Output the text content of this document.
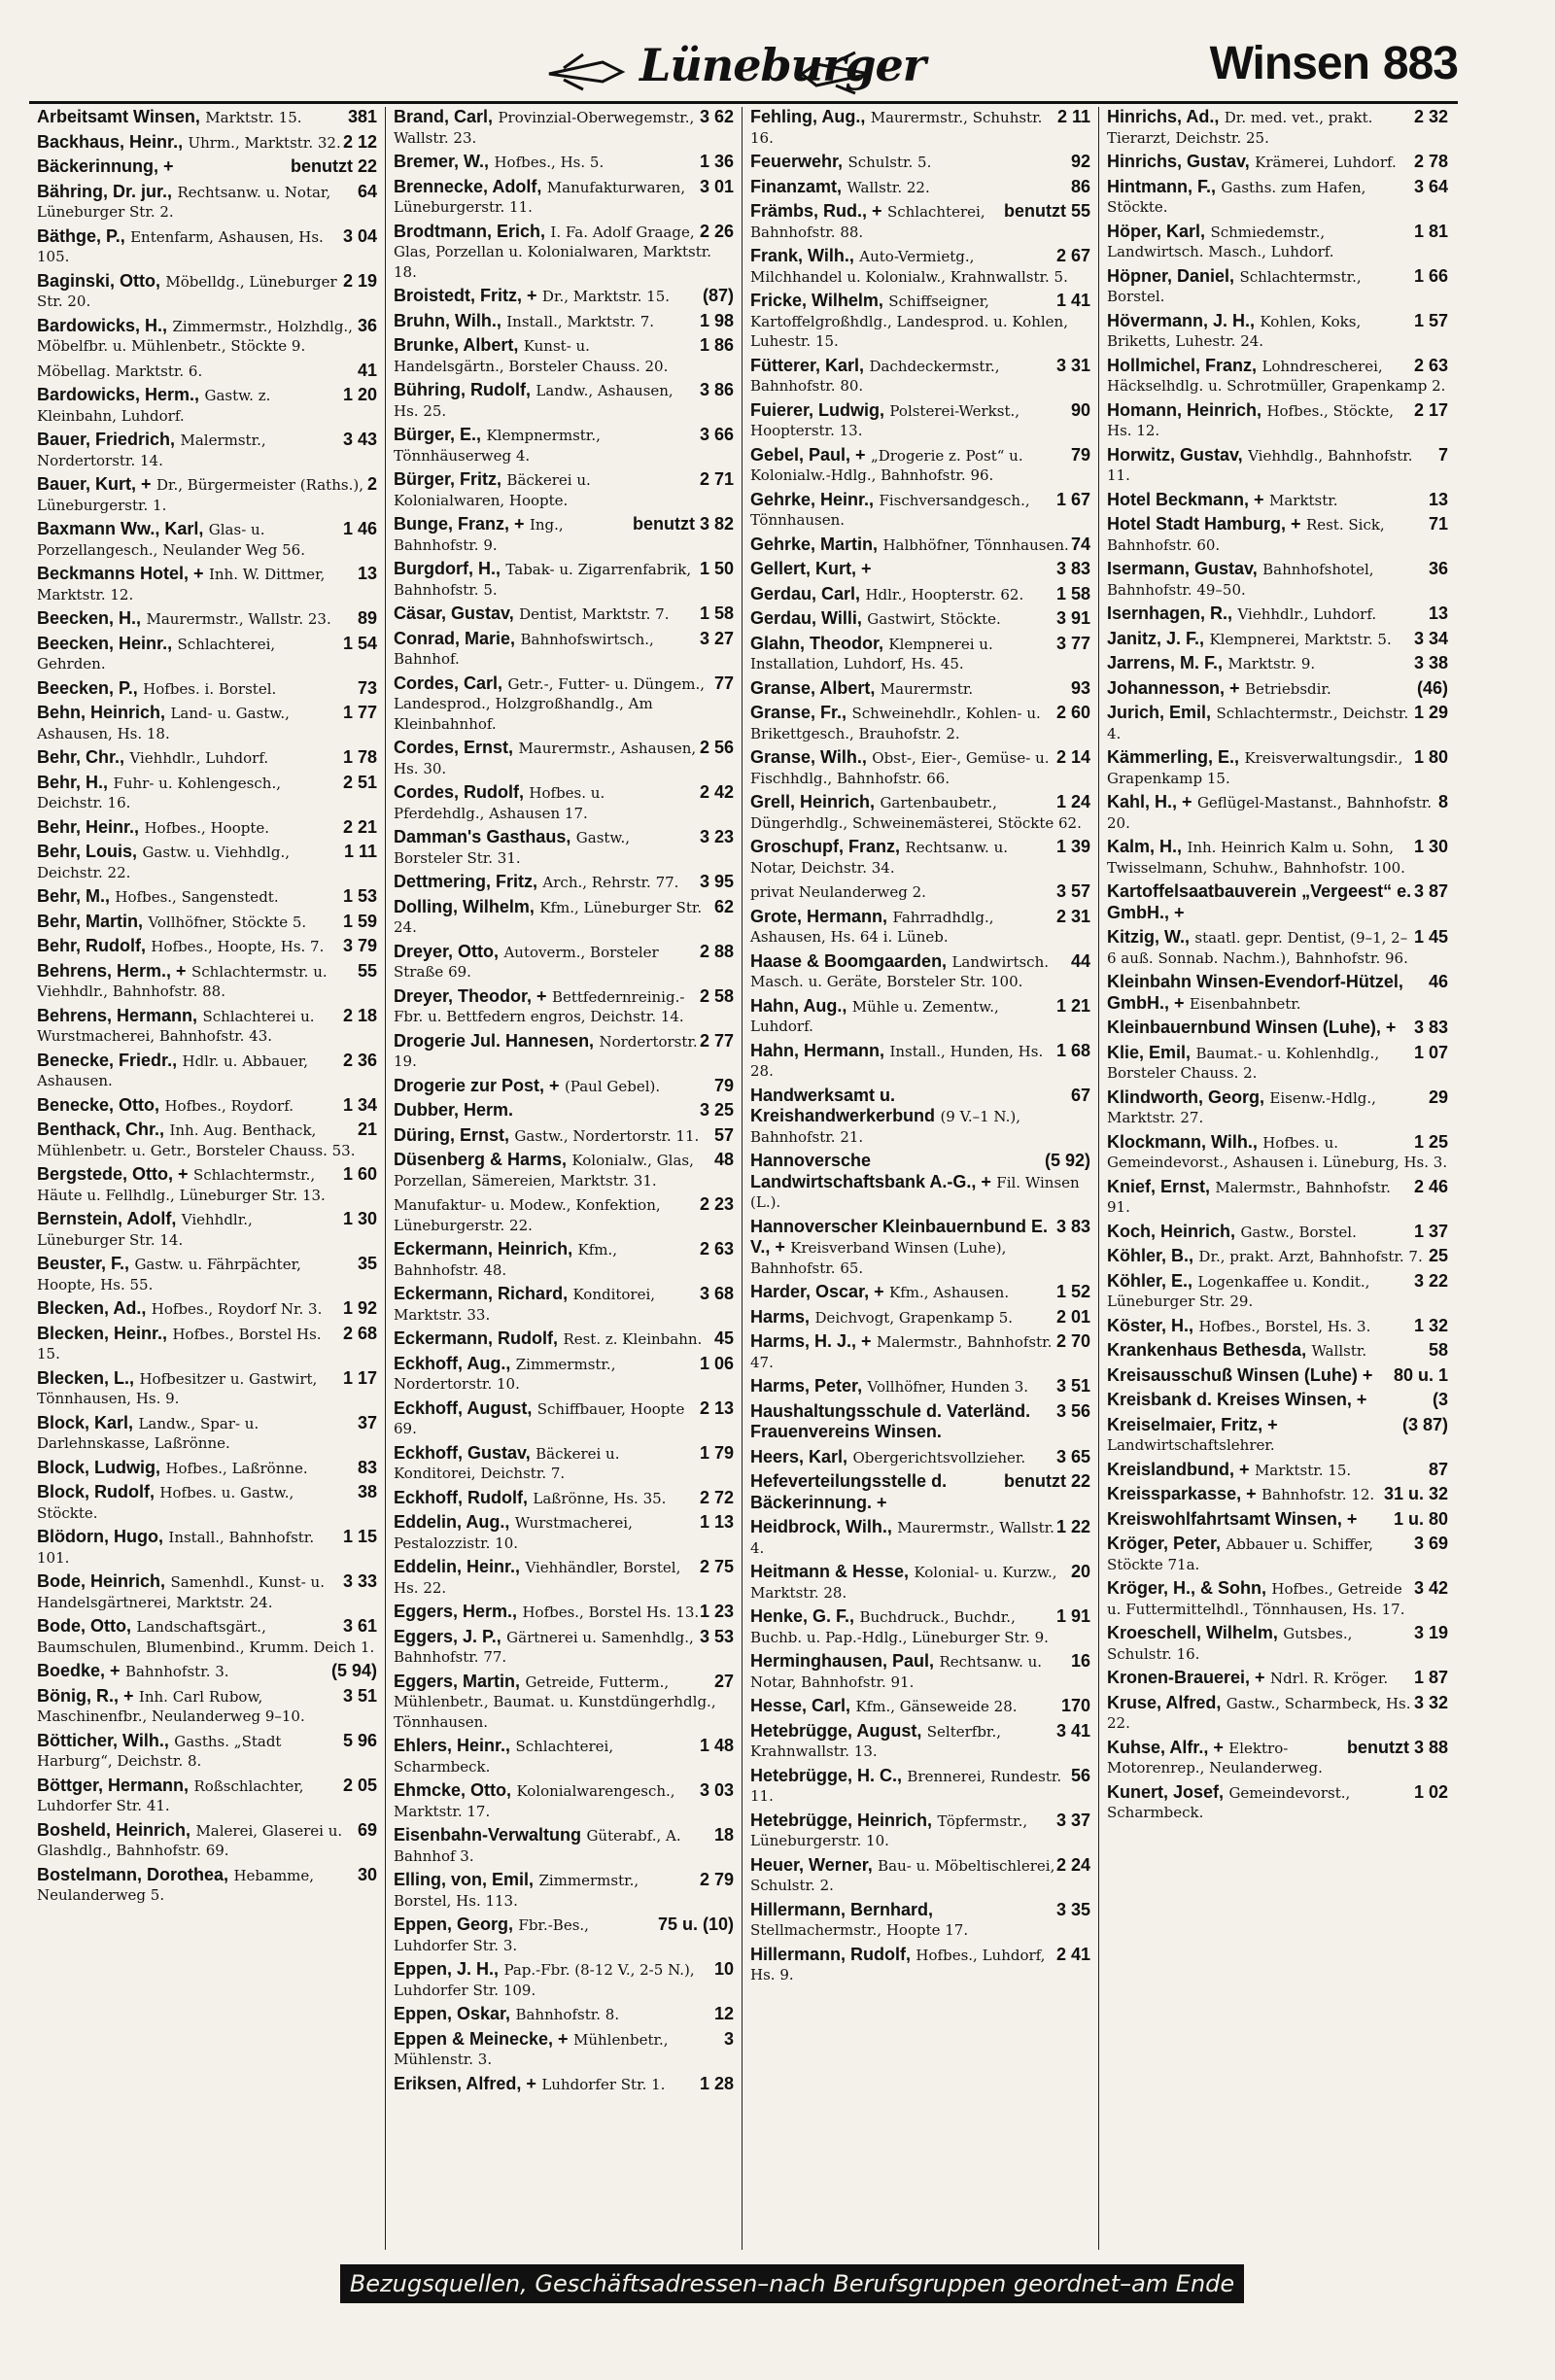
Lüneburger	Winsen 883
381
Arbeitsamt Winsen, Marktstr. 15.
2 12
Backhaus, Heinr., Uhrm., Marktstr. 32.
benutzt 22
Bäckerinnung, +
64
Bähring, Dr. jur., Rechtsanw. u. Notar, Lüneburger Str. 2.
3 04
Bäthge, P., Entenfarm, Ashausen, Hs. 105.
2 19
Baginski, Otto, Möbelldg., Lüneburger Str. 20.
36
Bardowicks, H., Zimmermstr., Holzhdlg., Möbelfbr. u. Mühlenbetr., Stöckte 9.
41
Möbellag. Marktstr. 6.
1 20
Bardowicks, Herm., Gastw. z. Kleinbahn, Luhdorf.
3 43
Bauer, Friedrich, Malermstr., Nordertorstr. 14.
2
Bauer, Kurt, + Dr., Bürgermeister (Raths.), Lüneburgerstr. 1.
1 46
Baxmann Ww., Karl, Glas- u. Porzellangesch., Neulander Weg 56.
13
Beckmanns Hotel, + Inh. W. Dittmer, Marktstr. 12.
89
Beecken, H., Maurermstr., Wallstr. 23.
1 54
Beecken, Heinr., Schlachterei, Gehrden.
73
Beecken, P., Hofbes. i. Borstel.
1 77
Behn, Heinrich, Land- u. Gastw., Ashausen, Hs. 18.
1 78
Behr, Chr., Viehhdlr., Luhdorf.
2 51
Behr, H., Fuhr- u. Kohlengesch., Deichstr. 16.
2 21
Behr, Heinr., Hofbes., Hoopte.
1 11
Behr, Louis, Gastw. u. Viehhdlg., Deichstr. 22.
1 53
Behr, M., Hofbes., Sangenstedt.
1 59
Behr, Martin, Vollhöfner, Stöckte 5.
3 79
Behr, Rudolf, Hofbes., Hoopte, Hs. 7.
55
Behrens, Herm., + Schlachtermstr. u. Viehhdlr., Bahnhofstr. 88.
2 18
Behrens, Hermann, Schlachterei u. Wurstmacherei, Bahnhofstr. 43.
2 36
Benecke, Friedr., Hdlr. u. Abbauer, Ashausen.
1 34
Benecke, Otto, Hofbes., Roydorf.
21
Benthack, Chr., Inh. Aug. Benthack, Mühlenbetr. u. Getr., Borsteler Chauss. 53.
1 60
Bergstede, Otto, + Schlachtermstr., Häute u. Fellhdlg., Lüneburger Str. 13.
1 30
Bernstein, Adolf, Viehhdlr., Lüneburger Str. 14.
35
Beuster, F., Gastw. u. Fährpächter, Hoopte, Hs. 55.
1 92
Blecken, Ad., Hofbes., Roydorf Nr. 3.
2 68
Blecken, Heinr., Hofbes., Borstel Hs. 15.
1 17
Blecken, L., Hofbesitzer u. Gastwirt, Tönnhausen, Hs. 9.
37
Block, Karl, Landw., Spar- u. Darlehnskasse, Laßrönne.
83
Block, Ludwig, Hofbes., Laßrönne.
38
Block, Rudolf, Hofbes. u. Gastw., Stöckte.
1 15
Blödorn, Hugo, Install., Bahnhofstr. 101.
3 33
Bode, Heinrich, Samenhdl., Kunst- u. Handelsgärtnerei, Marktstr. 24.
3 61
Bode, Otto, Landschaftsgärt., Baumschulen, Blumenbind., Krumm. Deich 1.
(5 94)
Boedke, + Bahnhofstr. 3.
3 51
Bönig, R., + Inh. Carl Rubow, Maschinenfbr., Neulanderweg 9–10.
5 96
Bötticher, Wilh., Gasths. „Stadt Harburg“, Deichstr. 8.
2 05
Böttger, Hermann, Roßschlachter, Luhdorfer Str. 41.
69
Bosheld, Heinrich, Malerei, Glaserei u. Glashdlg., Bahnhofstr. 69.
30
Bostelmann, Dorothea, Hebamme, Neulanderweg 5.
3 62
Brand, Carl, Provinzial-Oberwegemstr., Wallstr. 23.
1 36
Bremer, W., Hofbes., Hs. 5.
3 01
Brennecke, Adolf, Manufakturwaren, Lüneburgerstr. 11.
2 26
Brodtmann, Erich, I. Fa. Adolf Graage, Glas, Porzellan u. Kolonialwaren, Marktstr. 18.
(87)
Broistedt, Fritz, + Dr., Marktstr. 15.
1 98
Bruhn, Wilh., Install., Marktstr. 7.
1 86
Brunke, Albert, Kunst- u. Handelsgärtn., Borsteler Chauss. 20.
3 86
Bühring, Rudolf, Landw., Ashausen, Hs. 25.
3 66
Bürger, E., Klempnermstr., Tönnhäuserweg 4.
2 71
Bürger, Fritz, Bäckerei u. Kolonialwaren, Hoopte.
benutzt 3 82
Bunge, Franz, + Ing., Bahnhofstr. 9.
1 50
Burgdorf, H., Tabak- u. Zigarrenfabrik, Bahnhofstr. 5.
1 58
Cäsar, Gustav, Dentist, Marktstr. 7.
3 27
Conrad, Marie, Bahnhofswirtsch., Bahnhof.
77
Cordes, Carl, Getr.-, Futter- u. Düngem., Landesprod., Holzgroßhandlg., Am Kleinbahnhof.
2 56
Cordes, Ernst, Maurermstr., Ashausen, Hs. 30.
2 42
Cordes, Rudolf, Hofbes. u. Pferdehdlg., Ashausen 17.
3 23
Damman's Gasthaus, Gastw., Borsteler Str. 31.
3 95
Dettmering, Fritz, Arch., Rehrstr. 77.
62
Dolling, Wilhelm, Kfm., Lüneburger Str. 24.
2 88
Dreyer, Otto, Autoverm., Borsteler Straße 69.
2 58
Dreyer, Theodor, + Bettfedernreinig.-Fbr. u. Bettfedern engros, Deichstr. 14.
2 77
Drogerie Jul. Hannesen, Nordertorstr. 19.
79
Drogerie zur Post, + (Paul Gebel).
3 25
Dubber, Herm.
57
Düring, Ernst, Gastw., Nordertorstr. 11.
48
Düsenberg & Harms, Kolonialw., Glas, Porzellan, Sämereien, Marktstr. 31.
2 23
Manufaktur- u. Modew., Konfektion, Lüneburgerstr. 22.
2 63
Eckermann, Heinrich, Kfm., Bahnhofstr. 48.
3 68
Eckermann, Richard, Konditorei, Marktstr. 33.
45
Eckermann, Rudolf, Rest. z. Kleinbahn.
1 06
Eckhoff, Aug., Zimmermstr., Nordertorstr. 10.
2 13
Eckhoff, August, Schiffbauer, Hoopte 69.
1 79
Eckhoff, Gustav, Bäckerei u. Konditorei, Deichstr. 7.
2 72
Eckhoff, Rudolf, Laßrönne, Hs. 35.
1 13
Eddelin, Aug., Wurstmacherei, Pestalozzistr. 10.
2 75
Eddelin, Heinr., Viehhändler, Borstel, Hs. 22.
1 23
Eggers, Herm., Hofbes., Borstel Hs. 13.
3 53
Eggers, J. P., Gärtnerei u. Samenhdlg., Bahnhofstr. 77.
27
Eggers, Martin, Getreide, Futterm., Mühlenbetr., Baumat. u. Kunstdüngerhdlg., Tönnhausen.
1 48
Ehlers, Heinr., Schlachterei, Scharmbeck.
3 03
Ehmcke, Otto, Kolonialwarengesch., Marktstr. 17.
18
Eisenbahn-Verwaltung Güterabf., A. Bahnhof 3.
2 79
Elling, von, Emil, Zimmermstr., Borstel, Hs. 113.
75 u. (10)
Eppen, Georg, Fbr.-Bes., Luhdorfer Str. 3.
10
Eppen, J. H., Pap.-Fbr. (8-12 V., 2-5 N.), Luhdorfer Str. 109.
12
Eppen, Oskar, Bahnhofstr. 8.
3
Eppen & Meinecke, + Mühlenbetr., Mühlenstr. 3.
1 28
Eriksen, Alfred, + Luhdorfer Str. 1.
2 11
Fehling, Aug., Maurermstr., Schuhstr. 16.
92
Feuerwehr, Schulstr. 5.
86
Finanzamt, Wallstr. 22.
benutzt 55
Främbs, Rud., + Schlachterei, Bahnhofstr. 88.
2 67
Frank, Wilh., Auto-Vermietg., Milchhandel u. Kolonialw., Krahnwallstr. 5.
1 41
Fricke, Wilhelm, Schiffseigner, Kartoffelgroßhdlg., Landesprod. u. Kohlen, Luhestr. 15.
3 31
Fütterer, Karl, Dachdeckermstr., Bahnhofstr. 80.
90
Fuierer, Ludwig, Polsterei-Werkst., Hoopterstr. 13.
79
Gebel, Paul, + „Drogerie z. Post“ u. Kolonialw.-Hdlg., Bahnhofstr. 96.
1 67
Gehrke, Heinr., Fischversandgesch., Tönnhausen.
74
Gehrke, Martin, Halbhöfner, Tönnhausen.
3 83
Gellert, Kurt, +
1 58
Gerdau, Carl, Hdlr., Hoopterstr. 62.
3 91
Gerdau, Willi, Gastwirt, Stöckte.
3 77
Glahn, Theodor, Klempnerei u. Installation, Luhdorf, Hs. 45.
93
Granse, Albert, Maurermstr.
2 60
Granse, Fr., Schweinehdlr., Kohlen- u. Brikettgesch., Brauhofstr. 2.
2 14
Granse, Wilh., Obst-, Eier-, Gemüse- u. Fischhdlg., Bahnhofstr. 66.
1 24
Grell, Heinrich, Gartenbaubetr., Düngerhdlg., Schweinemästerei, Stöckte 62.
1 39
Groschupf, Franz, Rechtsanw. u. Notar, Deichstr. 34.
3 57
privat Neulanderweg 2.
2 31
Grote, Hermann, Fahrradhdlg., Ashausen, Hs. 64 i. Lüneb.
44
Haase & Boomgaarden, Landwirtsch. Masch. u. Geräte, Borsteler Str. 100.
1 21
Hahn, Aug., Mühle u. Zementw., Luhdorf.
1 68
Hahn, Hermann, Install., Hunden, Hs. 28.
67
Handwerksamt u. Kreishandwerkerbund (9 V.–1 N.), Bahnhofstr. 21.
(5 92)
Hannoversche Landwirtschaftsbank A.-G., + Fil. Winsen (L.).
3 83
Hannoverscher Kleinbauernbund E. V., + Kreisverband Winsen (Luhe), Bahnhofstr. 65.
1 52
Harder, Oscar, + Kfm., Ashausen.
2 01
Harms, Deichvogt, Grapenkamp 5.
2 70
Harms, H. J., + Malermstr., Bahnhofstr. 47.
3 51
Harms, Peter, Vollhöfner, Hunden 3.
3 56
Haushaltungsschule d. Vaterländ. Frauenvereins Winsen.
3 65
Heers, Karl, Obergerichtsvollzieher.
benutzt 22
Hefeverteilungsstelle d. Bäckerinnung. +
1 22
Heidbrock, Wilh., Maurermstr., Wallstr. 4.
20
Heitmann & Hesse, Kolonial- u. Kurzw., Marktstr. 28.
1 91
Henke, G. F., Buchdruck., Buchdr., Buchb. u. Pap.-Hdlg., Lüneburger Str. 9.
16
Herminghausen, Paul, Rechtsanw. u. Notar, Bahnhofstr. 91.
170
Hesse, Carl, Kfm., Gänseweide 28.
3 41
Hetebrügge, August, Selterfbr., Krahnwallstr. 13.
56
Hetebrügge, H. C., Brennerei, Rundestr. 11.
3 37
Hetebrügge, Heinrich, Töpfermstr., Lüneburgerstr. 10.
2 24
Heuer, Werner, Bau- u. Möbeltischlerei, Schulstr. 2.
3 35
Hillermann, Bernhard, Stellmachermstr., Hoopte 17.
2 41
Hillermann, Rudolf, Hofbes., Luhdorf, Hs. 9.
2 32
Hinrichs, Ad., Dr. med. vet., prakt. Tierarzt, Deichstr. 25.
2 78
Hinrichs, Gustav, Krämerei, Luhdorf.
3 64
Hintmann, F., Gasths. zum Hafen, Stöckte.
1 81
Höper, Karl, Schmiedemstr., Landwirtsch. Masch., Luhdorf.
1 66
Höpner, Daniel, Schlachtermstr., Borstel.
1 57
Hövermann, J. H., Kohlen, Koks, Briketts, Luhestr. 24.
2 63
Hollmichel, Franz, Lohndrescherei, Häckselhdlg. u. Schrotmüller, Grapenkamp 2.
2 17
Homann, Heinrich, Hofbes., Stöckte, Hs. 12.
7
Horwitz, Gustav, Viehhdlg., Bahnhofstr. 11.
13
Hotel Beckmann, + Marktstr.
71
Hotel Stadt Hamburg, + Rest. Sick, Bahnhofstr. 60.
36
Isermann, Gustav, Bahnhofshotel, Bahnhofstr. 49–50.
13
Isernhagen, R., Viehhdlr., Luhdorf.
3 34
Janitz, J. F., Klempnerei, Marktstr. 5.
3 38
Jarrens, M. F., Marktstr. 9.
(46)
Johannesson, + Betriebsdir.
1 29
Jurich, Emil, Schlachtermstr., Deichstr. 4.
1 80
Kämmerling, E., Kreisverwaltungsdir., Grapenkamp 15.
8
Kahl, H., + Geflügel-Mastanst., Bahnhofstr. 20.
1 30
Kalm, H., Inh. Heinrich Kalm u. Sohn, Twisselmann, Schuhw., Bahnhofstr. 100.
3 87
Kartoffelsaatbauverein „Vergeest“ e. GmbH., +
1 45
Kitzig, W., staatl. gepr. Dentist, (9–1, 2–6 auß. Sonnab. Nachm.), Bahnhofstr. 96.
46
Kleinbahn Winsen-Evendorf-Hützel, GmbH., + Eisenbahnbetr.
3 83
Kleinbauernbund Winsen (Luhe), +
1 07
Klie, Emil, Baumat.- u. Kohlenhdlg., Borsteler Chauss. 2.
29
Klindworth, Georg, Eisenw.-Hdlg., Marktstr. 27.
1 25
Klockmann, Wilh., Hofbes. u. Gemeindevorst., Ashausen i. Lüneburg, Hs. 3.
2 46
Knief, Ernst, Malermstr., Bahnhofstr. 91.
1 37
Koch, Heinrich, Gastw., Borstel.
25
Köhler, B., Dr., prakt. Arzt, Bahnhofstr. 7.
3 22
Köhler, E., Logenkaffee u. Kondit., Lüneburger Str. 29.
1 32
Köster, H., Hofbes., Borstel, Hs. 3.
58
Krankenhaus Bethesda, Wallstr.
80 u. 1
Kreisausschuß Winsen (Luhe) +
(3
Kreisbank d. Kreises Winsen, +
(3 87)
Kreiselmaier, Fritz, + Landwirtschaftslehrer.
87
Kreislandbund, + Marktstr. 15.
31 u. 32
Kreissparkasse, + Bahnhofstr. 12.
1 u. 80
Kreiswohlfahrtsamt Winsen, +
3 69
Kröger, Peter, Abbauer u. Schiffer, Stöckte 71a.
3 42
Kröger, H., & Sohn, Hofbes., Getreide u. Futtermittelhdl., Tönnhausen, Hs. 17.
3 19
Kroeschell, Wilhelm, Gutsbes., Schulstr. 16.
1 87
Kronen-Brauerei, + Ndrl. R. Kröger.
3 32
Kruse, Alfred, Gastw., Scharmbeck, Hs. 22.
benutzt 3 88
Kuhse, Alfr., + Elektro-Motorenrep., Neulanderweg.
1 02
Kunert, Josef, Gemeindevorst., Scharmbeck.
Bezugsquellen, Geschäftsadressen–nach Berufsgruppen geordnet–am Ende des Buches
